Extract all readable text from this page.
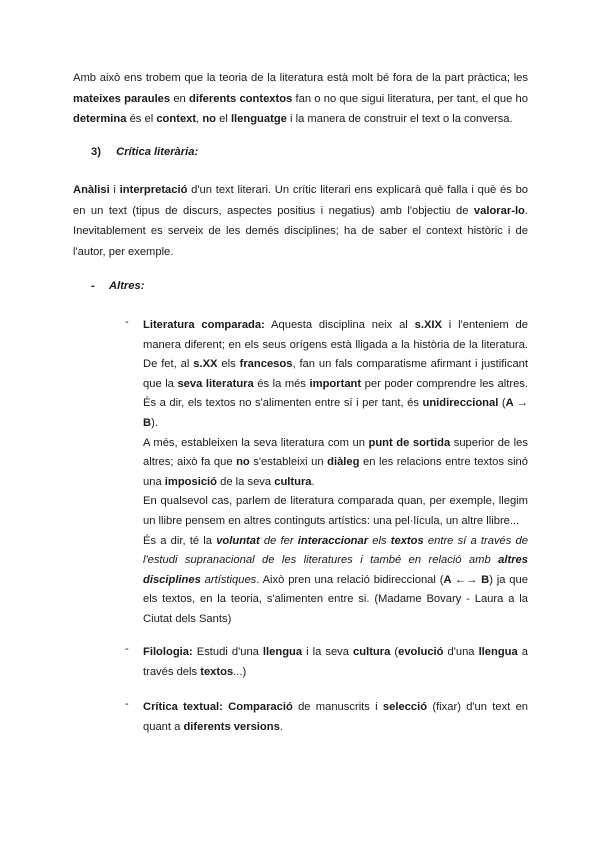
Amb això ens trobem que la teoria de la literatura està molt bé fora de la part pràctica; les mateixes paraules en diferents contextos fan o no que sigui literatura, per tant, el que ho determina és el context, no el llenguatge i la manera de construir el text o la conversa.

3) Crítica literària:

Anàlisi i interpretació d'un text literari. Un crític literari ens explicarà què falla i què és bo en un text (tipus de discurs, aspectes positius i negatius) amb l'objectiu de valorar-lo. Inevitablement es serveix de les demés disciplines; ha de saber el context històric i de l'autor, per exemple.

- Altres:
- Literatura comparada: Aquesta disciplina neix al s.XIX i l'enteniem de manera diferent; en els seus orígens està lligada a la història de la literatura. De fet, al s.XX els francesos, fan un fals comparatisme afirmant i justificant que la seva literatura és la més important per poder comprendre les altres. És a dir, els textos no s'alimenten entre sí i per tant, és unidireccional (A → B).

A més, estableixen la seva literatura com un punt de sortida superior de les altres; això fa que no s'estableixi un diàleg en les relacions entre textos sinó una imposició de la seva cultura.

En qualsevol cas, parlem de literatura comparada quan, per exemple, llegim un llibre pensem en altres continguts artístics: una pel·lícula, un altre llibre...

És a dir, té la voluntat de fer interaccionar els textos entre sí a través de l'estudi supranacional de les literatures i també en relació amb altres disciplines artístiques. Això pren una relació bidireccional (A ←→ B) ja que els textos, en la teoria, s'alimenten entre si. (Madame Bovary - Laura a la Ciutat dels Sants)

- Filologia: Estudi d'una llengua i la seva cultura (evolució d'una llengua a través dels textos...)

- Crítica textual: Comparació de manuscrits i selecció (fixar) d'un text en quant a diferents versions.
